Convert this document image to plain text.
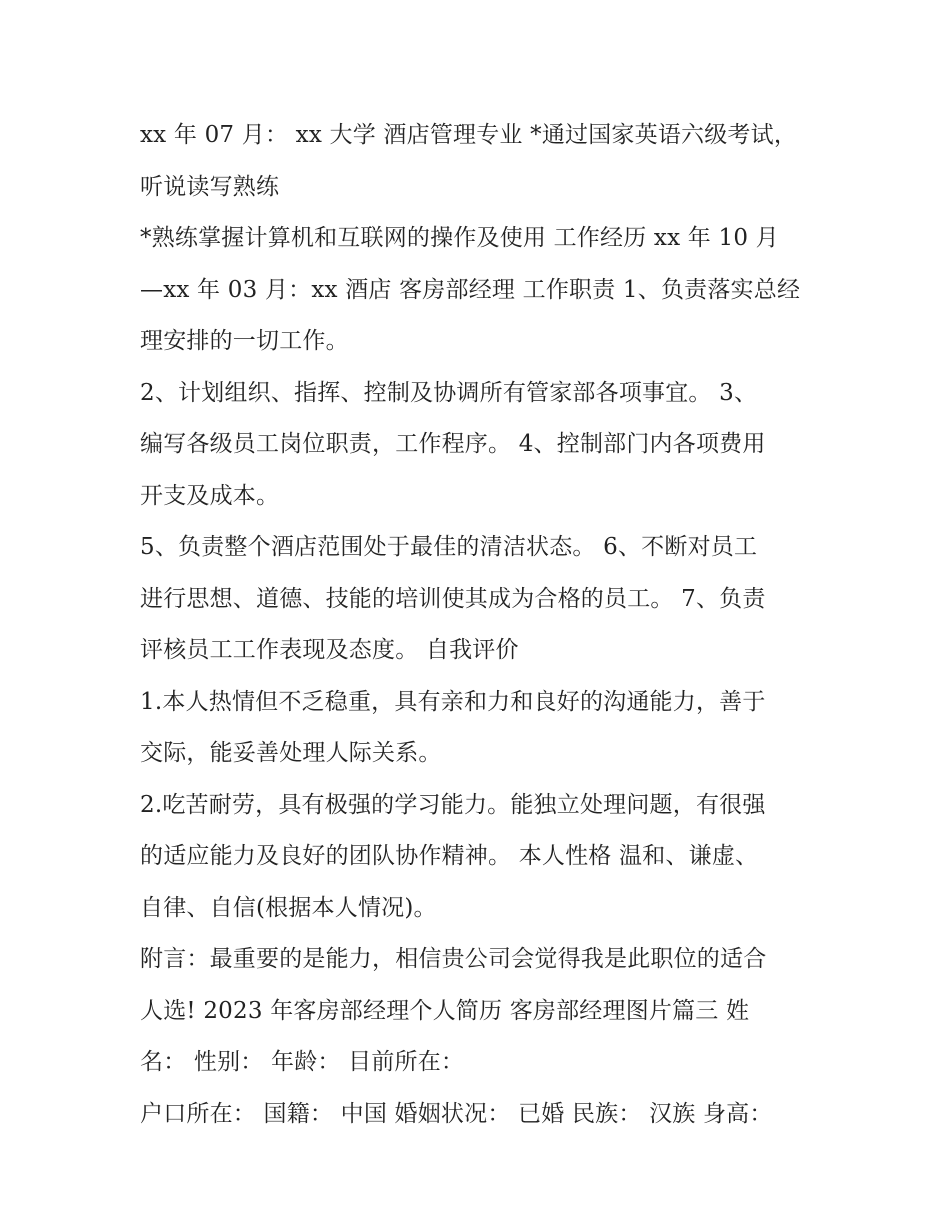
xx 年 07 月： xx 大学 酒店管理专业 *通过国家英语六级考试，
听说读写熟练
*熟练掌握计算机和互联网的操作及使用 工作经历 xx 年 10 月
—xx 年 03 月：xx 酒店 客房部经理 工作职责 1、负责落实总经
理安排的一切工作。
2、计划组织、指挥、控制及协调所有管家部各项事宜。 3、
编写各级员工岗位职责，工作程序。 4、控制部门内各项费用
开支及成本。
5、负责整个酒店范围处于最佳的清洁状态。 6、不断对员工
进行思想、道德、技能的培训使其成为合格的员工。 7、负责
评核员工工作表现及态度。 自我评价
1.本人热情但不乏稳重，具有亲和力和良好的沟通能力，善于
交际，能妥善处理人际关系。
2.吃苦耐劳，具有极强的学习能力。能独立处理问题，有很强
的适应能力及良好的团队协作精神。 本人性格 温和、谦虚、
自律、自信(根据本人情况)。
附言：最重要的是能力，相信贵公司会觉得我是此职位的适合
人选! 2023 年客房部经理个人简历 客房部经理图片篇三 姓
名： 性别： 年龄： 目前所在：
户口所在： 国籍： 中国 婚姻状况： 已婚 民族： 汉族 身高：
